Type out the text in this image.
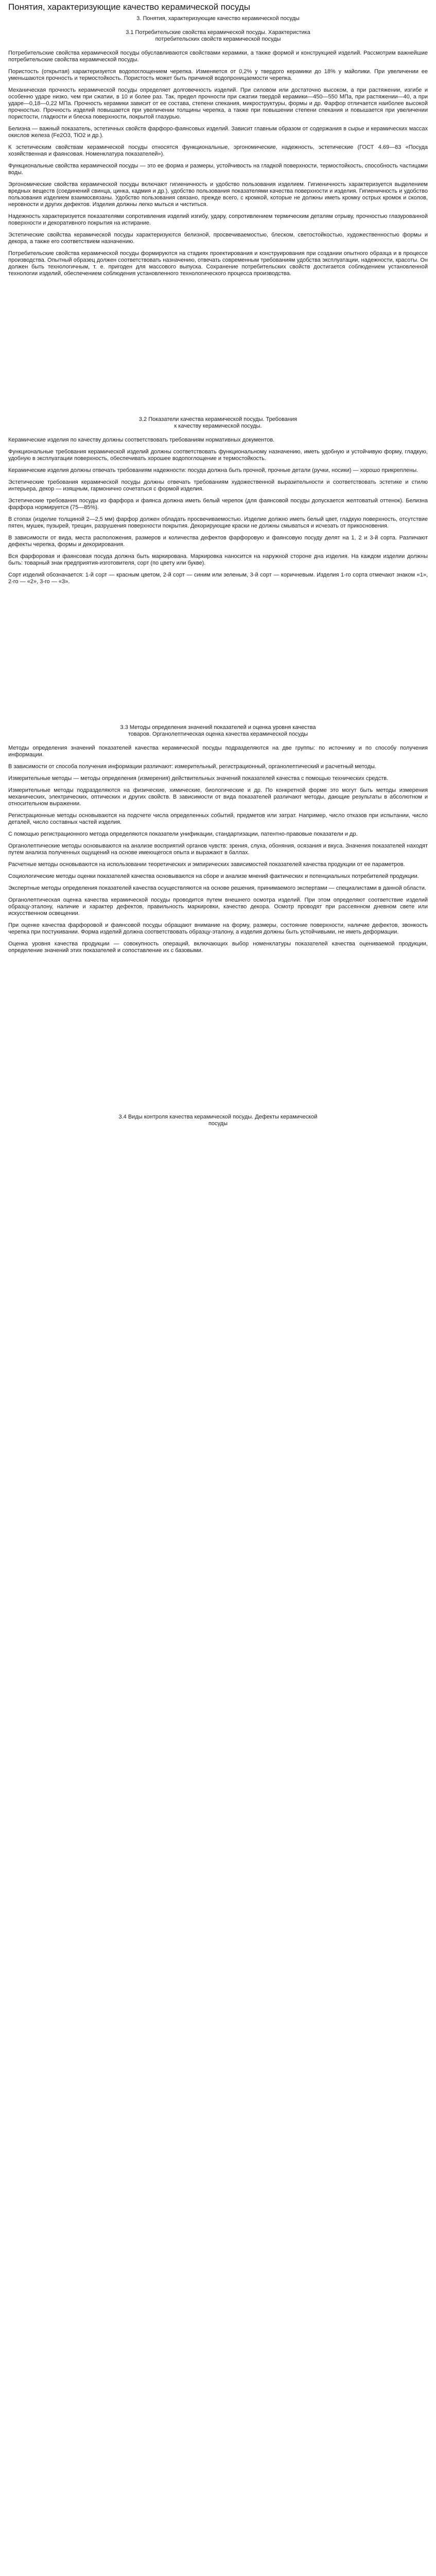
Понятия, характеризующие качество керамической посуды
3. Понятия, характеризующие качество керамической посуды
3.1 Потребительские свойства керамической посуды. Характеристика
потребительских свойств керамической посуды

Потребительские свойства керамической посуды обуславливаются свойствами керамики, а также формой и конструкцией изделий. Рассмотрим важнейшие потребительские свойства керамической посуды.

Пористость (открытая) характеризуется водопоглощением черепка. Изменяется от 0,2% у твердого керамики до 18% у майолики. При увеличении ее уменьшаются прочность и термостойкость. Пористость может быть причиной водопроницаемости черепка.

Механическая прочность керамической посуды определяет долговечность изделий. При силовом или достаточно высоком, а при растяжении, изгибе и особенно ударе низко, чем при сжатии, в 10 и более раз. Так, предел прочности при сжатии твердой керамики—450—550 МПа, при растяжении—40, а при ударе—0,18—0,22 МПа. Прочность керамики зависит от ее состава, степени спекания, микроструктуры, формы и др. Фарфор отличается наиболее высокой прочностью. Прочность изделий повышается при увеличении толщины черепка, а также при повышении степени спекания и повышается при увеличении пористости, гладкости и блеска поверхности, покрытой глазурью.

Белизна — важный показатель, эстетичных свойств фарфоро-фаянсовых изделий. Зависит главным образом от содержания в сырье и керамических массах окислов железа (Fe2O3, TiO2 и др.).

К эстетическим свойствам керамической посуды относятся функциональные, эргономические, надежность, эстетические (ГОСТ 4.69—83 «Посуда хозяйственная и фаянсовая. Номенклатура показателей»).

Функциональные свойства керамической посуды — это ее форма и размеры, устойчивость на гладкой поверхности, термостойкость, способность частицами воды.

Эргономические свойства керамической посуды включают гигиеничность и удобство пользования изделием. Гигиеничность характеризуется выделением вредных веществ (соединений свинца, цинка, кадмия и др.), удобство пользования показателями качества поверхности и изделия. Гигиеничность и удобство пользования изделием взаимосвязаны. Удобство пользования связано, прежде всего, с кромкой, которые не должны иметь кромку острых кромок и сколов, неровности и других дефектов. Изделия должны легко мыться и чиститься.

Надежность характеризуется показателями сопротивления изделий изгибу, удару, сопротивлением термическим деталям отрыву, прочностью глазурованной поверхности и декоративного покрытия на истирание.

Эстетические свойства керамической посуды характеризуются белизной, просвечиваемостью, блеском, светостойкостью, художественностью формы и декора, а также его соответствием назначению.

Потребительские свойства керамической посуды формируются на стадиях проектирования и конструирования при создании опытного образца и в процессе производства. Опытный образец должен соответствовать назначению, отвечать современным требованиям удобства эксплуатации, надежности, красоты. Он должен быть технологичным, т. е. пригоден для массового выпуска. Сохранение потребительских свойств достигается соблюдением установленной технологии изделий, обеспечением соблюдения установленного технологического процесса производства.

3.2 Показатели качества керамической посуды. Требования
к качеству керамической посуды.

Керамические изделия по качеству должны соответствовать требованиям нормативных документов.

Функциональные требования керамической изделий должны соответствовать функциональному назначению, иметь удобную и устойчивую форму, гладкую, удобную в эксплуатации поверхность, обеспечивать хорошее водопоглощение и термостойкость.

Керамические изделия должны отвечать требованиям надежности: посуда должна быть прочной, прочные детали (ручки, носики) — хорошо прикреплены.

Эстетические требования керамической посуды должны отвечать требованиям художественной выразительности и соответствовать эстетике и стилю интерьера, декор — изящным, гармонично сочетаться с формой изделия.

Эстетические требования посуды из фарфора и фаянса должна иметь белый черепок (для фаянсовой посуды допускается желтоватый оттенок). Белизна фарфора нормируется (75—85%).

В стопах (изделие толщиной 2—2,5 мм) фарфор должен обладать просвечиваемостью. Изделие должно иметь белый цвет, гладкую поверхность, отсутствие пятен, мушек, пузырей, трещин, разрушения поверхности покрытия. Декорирующие краски не должны смываться и исчезать от прикосновения.

В зависимости от вида, места расположения, размеров и количества дефектов фарфоровую и фаянсовую посуду делят на 1, 2 и 3-й сорта. Различают дефекты черепка, формы и декорирования.

Вся фарфоровая и фаянсовая посуда должна быть маркирована. Маркировка наносится на наружной стороне дна изделия. На каждом изделии должны быть: товарный знак предприятия-изготовителя, сорт (по цвету или букве).

Сорт изделий обозначается: 1-й сорт — красным цветом, 2-й сорт — синим или зеленым, 3-й сорт — коричневым. Изделия 1-го сорта отмечают знаком «1», 2-го — «2», 3-го — «3».

3.3 Методы определения значений показателей и оценка уровня качества
товаров. Органолептическая оценка качества керамической посуды

Методы определения значений показателей качества керамической посуды подразделяются на две группы: по источнику и по способу получения информации.

В зависимости от способа получения информации различают: измерительный, регистрационный, органолептический и расчетный методы.

Измерительные методы — методы определения (измерения) действительных значений показателей качества с помощью технических средств.

Измерительные методы подразделяются на физические, химические, биологические и др. По конкретной форме это могут быть методы измерения механических, электрических, оптических и других свойств. В зависимости от вида показателей различают методы, дающие результаты в абсолютном и относительном выражении.

Регистрационные методы основываются на подсчете числа определенных событий, предметов или затрат. Например, число отказов при испытании, число деталей, число составных частей изделия.

С помощью регистрационного метода определяются показатели унификации, стандартизации, патентно-правовые показатели и др.

Органолептические методы основываются на анализе восприятий органов чувств: зрения, слуха, обоняния, осязания и вкуса. Значения показателей находят путем анализа полученных ощущений на основе имеющегося опыта и выражают в баллах.

Расчетные методы основываются на использовании теоретических и эмпирических зависимостей показателей качества продукции от ее параметров.

Социологические методы оценки показателей качества основываются на сборе и анализе мнений фактических и потенциальных потребителей продукции.

Экспертные методы определения показателей качества осуществляются на основе решения, принимаемого экспертами — специалистами в данной области.

Органолептическая оценка качества керамической посуды проводится путем внешнего осмотра изделий. При этом определяют соответствие изделий образцу-эталону, наличие и характер дефектов, правильность маркировки, качество декора. Осмотр проводят при рассеянном дневном свете или искусственном освещении.

При оценке качества фарфоровой и фаянсовой посуды обращают внимание на форму, размеры, состояние поверхности, наличие дефектов, звонкость черепка при постукивании. Форма изделий должна соответствовать образцу-эталону, а изделия должны быть устойчивыми, не иметь деформации.

Оценка уровня качества продукции — совокупность операций, включающих выбор номенклатуры показателей качества оцениваемой продукции, определение значений этих показателей и сопоставление их с базовыми.

3.4 Виды контроля качества керамической посуды. Дефекты керамической
посуды
